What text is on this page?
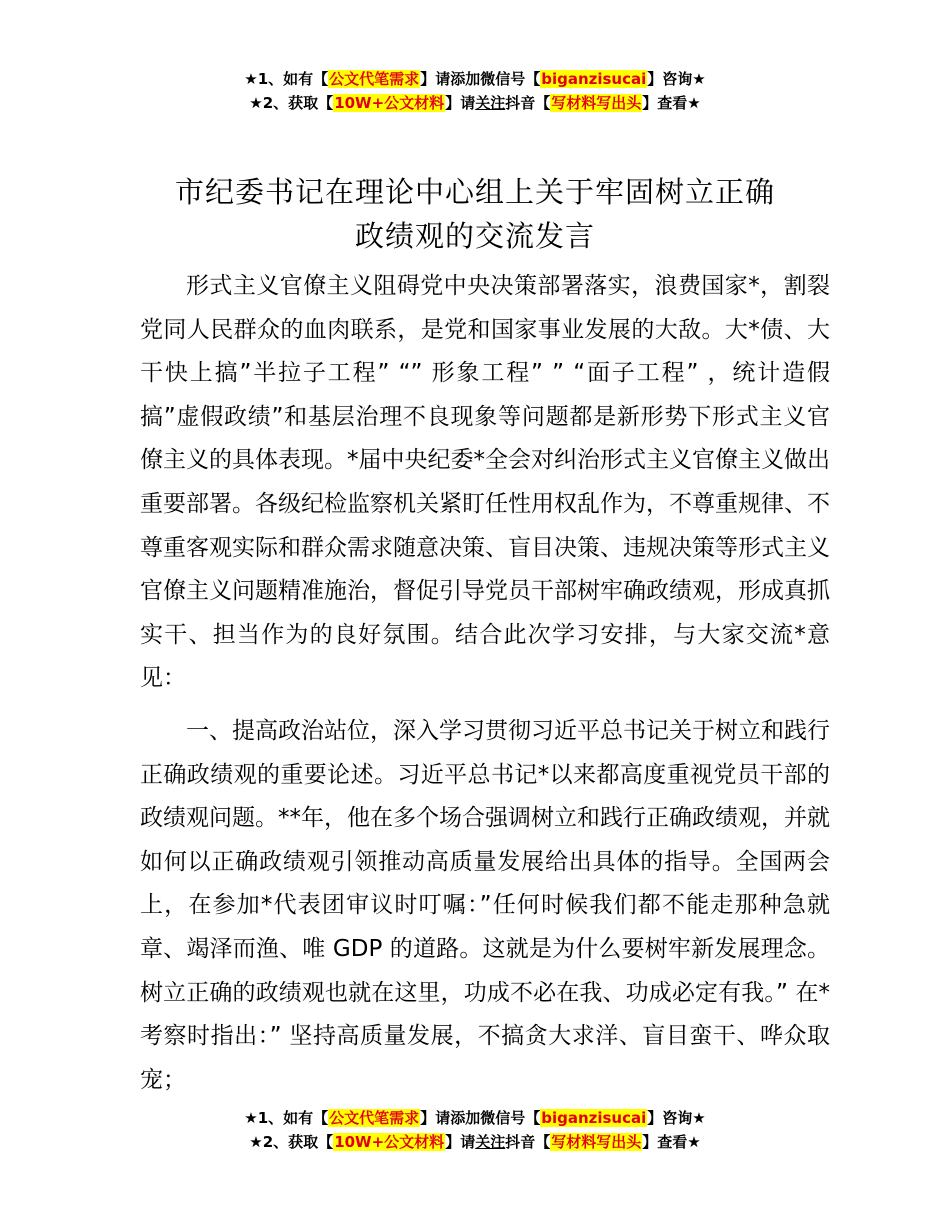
★1、如有【公文代笔需求】请添加微信号【biganzisucai】咨询★
★2、获取【10W+公文材料】请关注抖音【写材料写出头】查看★
市纪委书记在理论中心组上关于牢固树立正确
政绩观的交流发言

形式主义官僚主义阻碍党中央决策部署落实，浪费国家*，割裂党同人民群众的血肉联系，是党和国家事业发展的大敌。大*债、大干快上搞”半拉子工程” “” 形象工程” ” “面子工程” ，统计造假搞”虚假政绩”和基层治理不良现象等问题都是新形势下形式主义官僚主义的具体表现。*届中央纪委*全会对纠治形式主义官僚主义做出重要部署。各级纪检监察机关紧盯任性用权乱作为，不尊重规律、不尊重客观实际和群众需求随意决策、盲目决策、违规决策等形式主义官僚主义问题精准施治，督促引导党员干部树牢确政绩观，形成真抓实干、担当作为的良好氛围。结合此次学习安排，与大家交流*意见：

一、提高政治站位，深入学习贯彻习近平总书记关于树立和践行正确政绩观的重要论述。习近平总书记*以来都高度重视党员干部的政绩观问题。**年，他在多个场合强调树立和践行正确政绩观，并就如何以正确政绩观引领推动高质量发展给出具体的指导。全国两会上，在参加*代表团审议时叮嘱：”任何时候我们都不能走那种急就章、竭泽而渔、唯 GDP 的道路。这就是为什么要树牢新发展理念。树立正确的政绩观也就在这里，功成不必在我、功成必定有我。” 在*考察时指出：” 坚持高质量发展，不搞贪大求洋、盲目蛮干、哗众取宠；

★1、如有【公文代笔需求】请添加微信号【biganzisucai】咨询★
★2、获取【10W+公文材料】请关注抖音【写材料写出头】查看★
